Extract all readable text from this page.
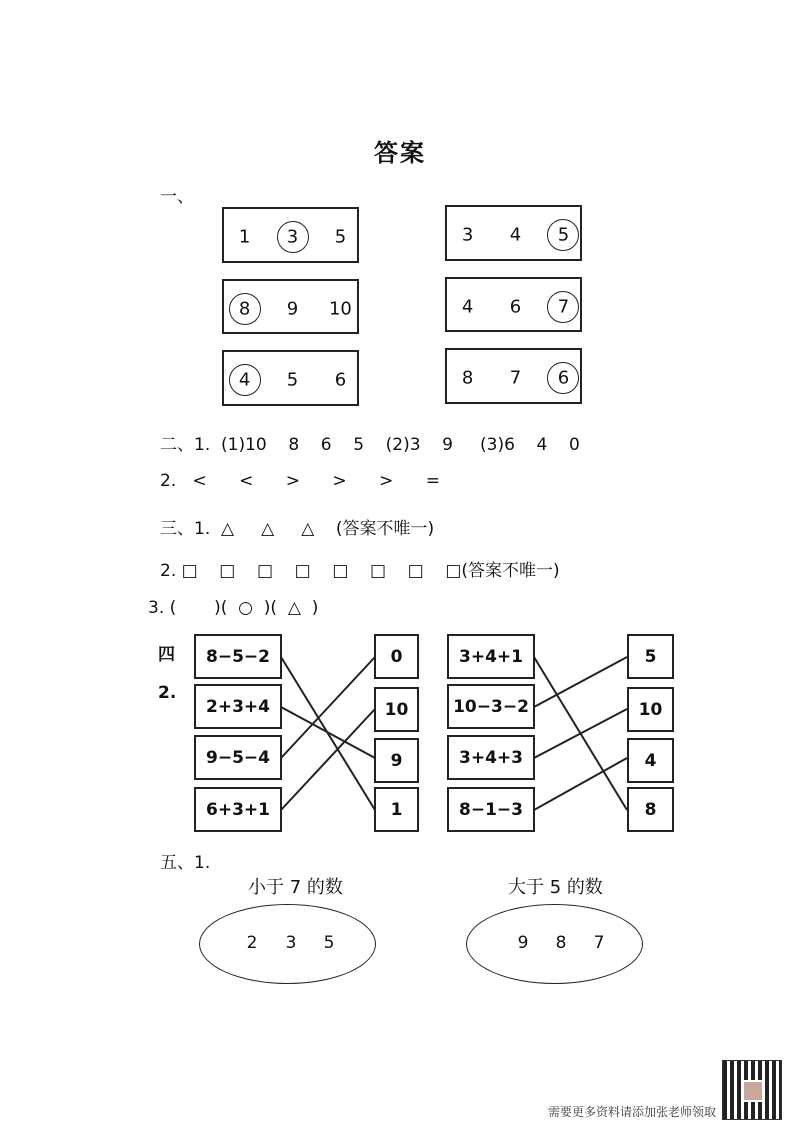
答案
一、
1 3 5	3 4 5
8 9 10	4 6 7
4 5 6	8 7 6
二、1.  (1)10    8    6    5    (2)3    9     (3)6    4    0
2.   <      <      >      >      >      =
三、1.  △     △     △    (答案不唯一)
2. □    □    □    □    □    □    □    □(答案不唯一)
3. (       )(  ○  )(  △  )
四
2.
8−5−2	3+4+1
0	5
2+3+4	10−3−2
10	10
9−5−4	3+4+3
9	4
6+3+1	8−1−3
1	8
五、1.
小于 7 的数	大于 5 的数
2 3 5	9 8 7
需要更多资料请添加张老师领取
